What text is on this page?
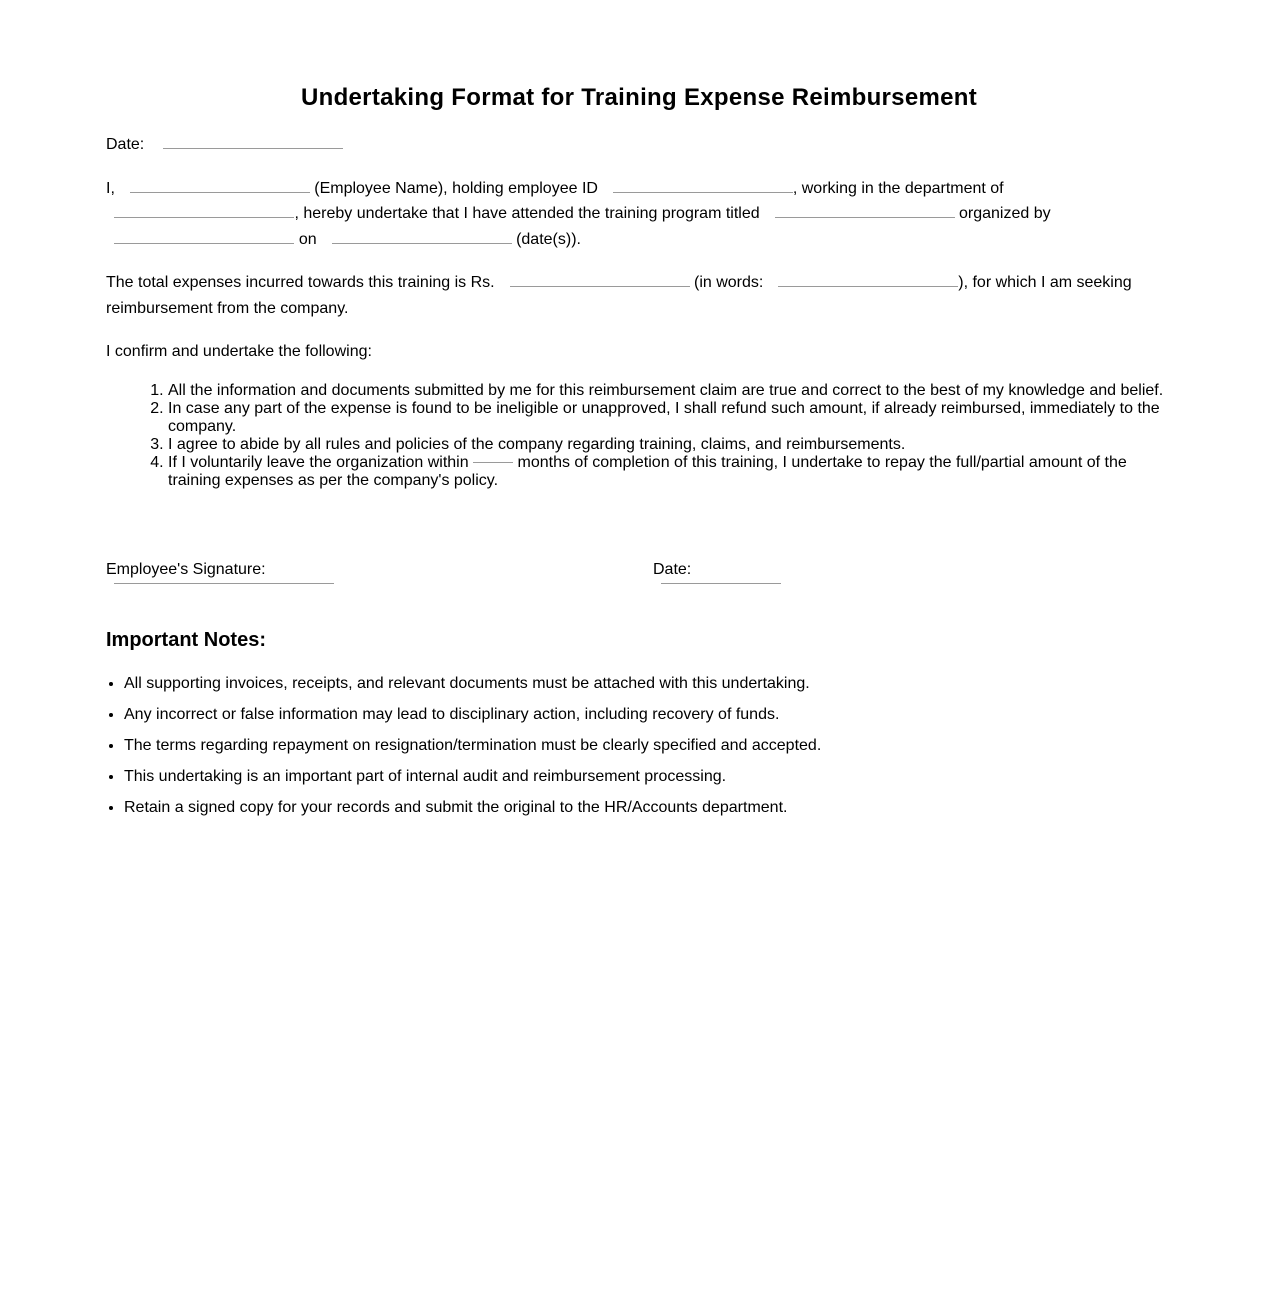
Undertaking Format for Training Expense Reimbursement
Date:
I,	(Employee Name), holding employee ID	, working in the department of
, hereby undertake that I have attended the training program titled	organized by
on	(date(s)).
The total expenses incurred towards this training is Rs.	(in words:	), for which I am seeking
reimbursement from the company.
I confirm and undertake the following:
1. All the information and documents submitted by me for this reimbursement claim are true and correct to the best of my knowledge and belief.
2. In case any part of the expense is found to be ineligible or unapproved, I shall refund such amount, if already reimbursed, immediately to the company.
3. I agree to abide by all rules and policies of the company regarding training, claims, and reimbursements.
4. If I voluntarily leave the organization within	months of completion of this training, I undertake to repay the full/partial amount of the training expenses as per the company's policy.
Employee's Signature:	Date:
Important Notes:
• All supporting invoices, receipts, and relevant documents must be attached with this undertaking.
• Any incorrect or false information may lead to disciplinary action, including recovery of funds.
• The terms regarding repayment on resignation/termination must be clearly specified and accepted.
• This undertaking is an important part of internal audit and reimbursement processing.
• Retain a signed copy for your records and submit the original to the HR/Accounts department.
